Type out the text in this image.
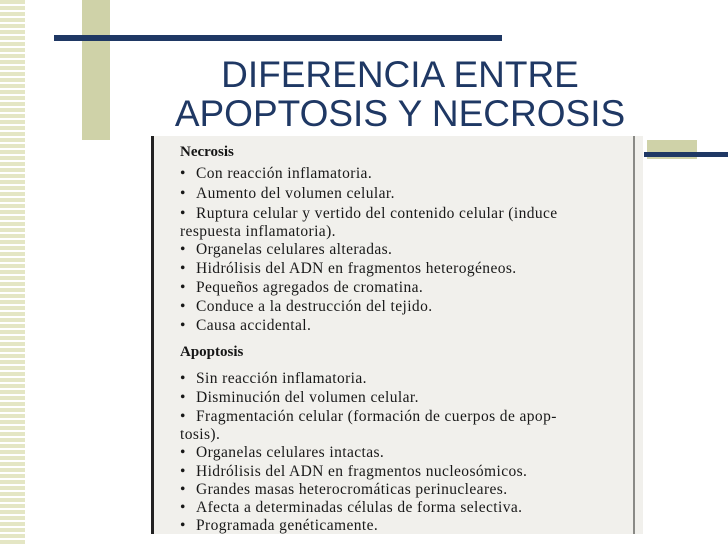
DIFERENCIA ENTRE
APOPTOSIS Y NECROSIS
Necrosis
• Con reacción inflamatoria.
• Aumento del volumen celular.
• Ruptura celular y vertido del contenido celular (induce
respuesta inflamatoria).
• Organelas celulares alteradas.
• Hidrólisis del ADN en fragmentos heterogéneos.
• Pequeños agregados de cromatina.
• Conduce a la destrucción del tejido.
• Causa accidental.
Apoptosis
• Sin reacción inflamatoria.
• Disminución del volumen celular.
• Fragmentación celular (formación de cuerpos de apop-
tosis).
• Organelas celulares intactas.
• Hidrólisis del ADN en fragmentos nucleosómicos.
• Grandes masas heterocromáticas perinucleares.
• Afecta a determinadas células de forma selectiva.
• Programada genéticamente.
